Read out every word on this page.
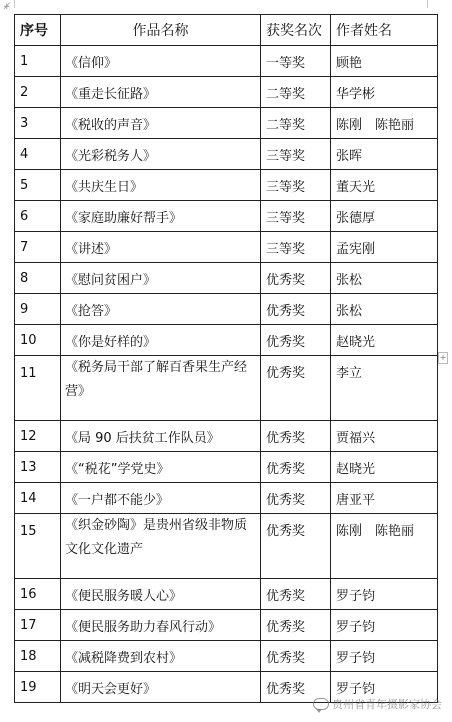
+̸
+
序号	作品名称	获奖名次	作者姓名
1	《信仰》	一等奖	顾艳
2	《重走长征路》	二等奖	华学彬
3	《税收的声音》	二等奖	陈刚　陈艳丽
4	《光彩税务人》	三等奖	张晖
5	《共庆生日》	三等奖	董天光
6	《家庭助廉好帮手》	三等奖	张德厚
7	《讲述》	三等奖	孟宪刚
8	《慰问贫困户》	优秀奖	张松
9	《抢答》	优秀奖	张松
10	《你是好样的》	优秀奖	赵晓光
11	《税务局干部了解百香果生产经营》	优秀奖	李立
12	《局 90 后扶贫工作队员》	优秀奖	贾福兴
13	《“税花”学党史》	优秀奖	赵晓光
14	《一户都不能少》	优秀奖	唐亚平
15	《织金砂陶》是贵州省级非物质文化文化遗产	优秀奖	陈刚　陈艳丽
16	《便民服务暖人心》	优秀奖	罗子钧
17	《便民服务助力春风行动》	优秀奖	罗子钧
18	《减税降费到农村》	优秀奖	罗子钧
19	《明天会更好》	优秀奖	罗子钧
贵州省青年摄影家协会
